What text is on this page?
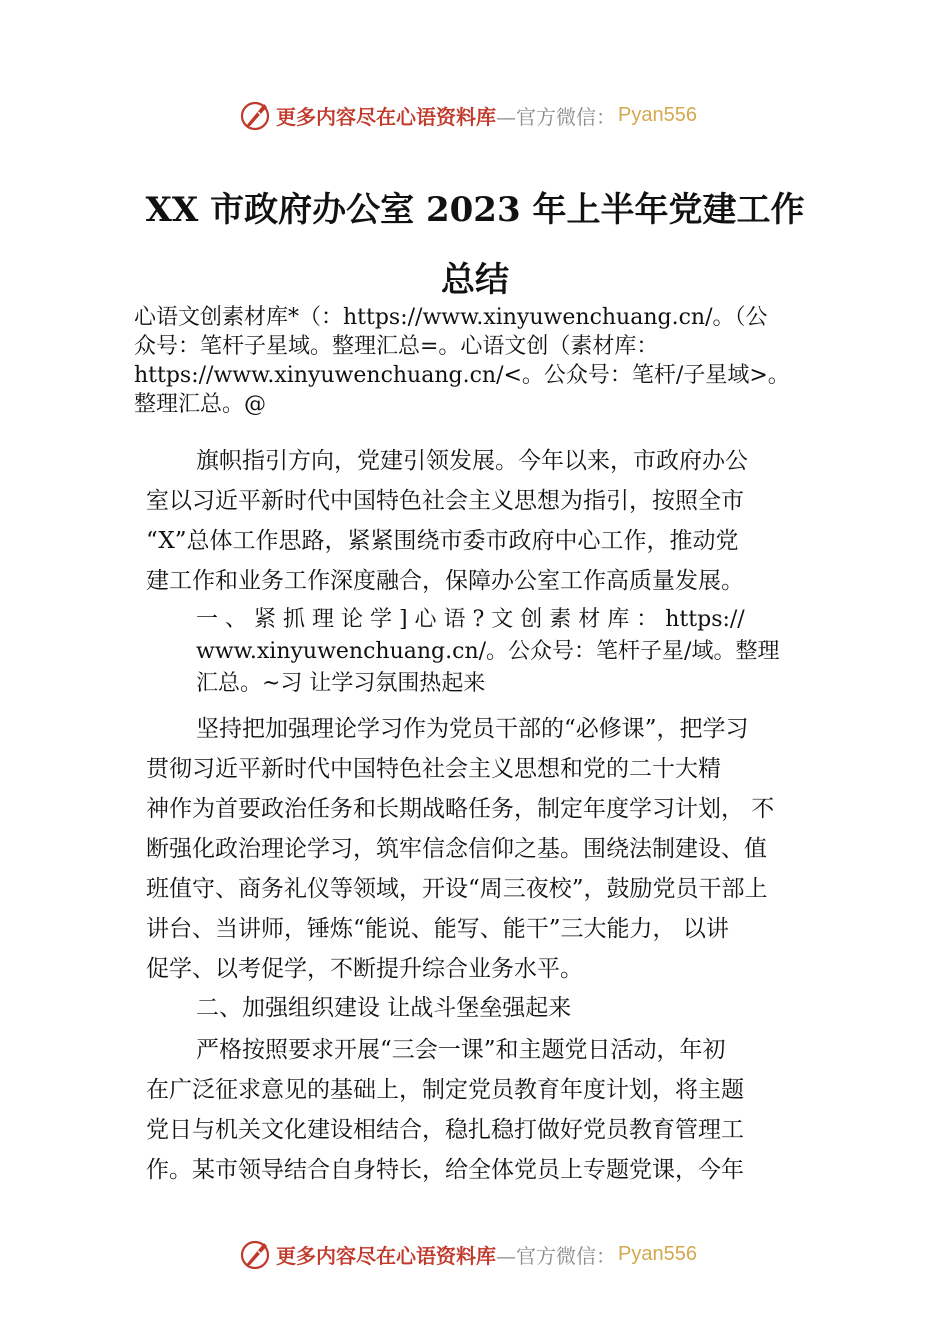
更多内容尽在心语资料库 —官方微信： Pyan556
XX 市政府办公室 2023 年上半年党建工作
总结
心语文创素材库*（：https://www.xinyuwenchuang.cn/。（公
众号：笔杆子星域。整理汇总=。心语文创（素材库：
https://www.xinyuwenchuang.cn/<。公众号：笔杆/子星域>。
整理汇总。@
旗帜指引方向，党建引领发展。今年以来，市政府办公
室以习近平新时代中国特色社会主义思想为指引，按照全市
“X”总体工作思路，紧紧围绕市委市政府中心工作，推动党
建工作和业务工作深度融合，保障办公室工作高质量发展。
一 、 紧 抓 理 论 学 ] 心 语 ? 文 创 素 材 库 ： https://
www.xinyuwenchuang.cn/。公众号：笔杆子星/域。整理
汇总。~习 让学习氛围热起来
坚持把加强理论学习作为党员干部的“必修课”，把学习
贯彻习近平新时代中国特色社会主义思想和党的二十大精
神作为首要政治任务和长期战略任务，制定年度学习计划， 不
断强化政治理论学习，筑牢信念信仰之基。围绕法制建设、值
班值守、商务礼仪等领域，开设“周三夜校”，鼓励党员干部上
讲台、当讲师，锤炼“能说、能写、能干”三大能力， 以讲
促学、以考促学，不断提升综合业务水平。
二、加强组织建设 让战斗堡垒强起来
严格按照要求开展“三会一课”和主题党日活动，年初
在广泛征求意见的基础上，制定党员教育年度计划，将主题
党日与机关文化建设相结合，稳扎稳打做好党员教育管理工
作。某市领导结合自身特长，给全体党员上专题党课，今年
更多内容尽在心语资料库 —官方微信： Pyan556
